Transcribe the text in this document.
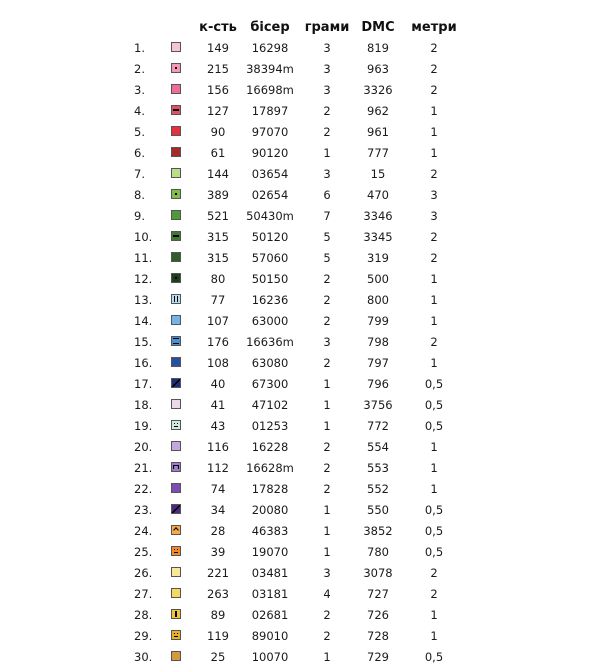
к-сть бісер грами DMC метри
1.	149 16298	3	819	2
2.	215 38394m	3	963	2
3.	156 16698m	3	3326	2
4.	127 17897	2	962	1
5.	90 97070	2	961	1
6.	61 90120	1	777	1
7.	144 03654	3	15	2
8.	389 02654	6	470	3
9.	521 50430m	7	3346	3
10.	315 50120	5	3345	2
11.	315 57060	5	319	2
12.	80 50150	2	500	1
13.	77 16236	2	800	1
14.	107 63000	2	799	1
15.	176 16636m	3	798	2
16.	108 63080	2	797	1
17.	40 67300	1	796	0,5
18.	41 47102	1	3756	0,5
19.	43 01253	1	772	0,5
20.	116 16228	2	554	1
21.	112 16628m	2	553	1
22.	74 17828	2	552	1
23.	34 20080	1	550	0,5
24.	28 46383	1	3852	0,5
25.	39 19070	1	780	0,5
26.	221 03481	3	3078	2
27.	263 03181	4	727	2
28.	89 02681	2	726	1
29.	119 89010	2	728	1
30.	25 10070	1	729	0,5
